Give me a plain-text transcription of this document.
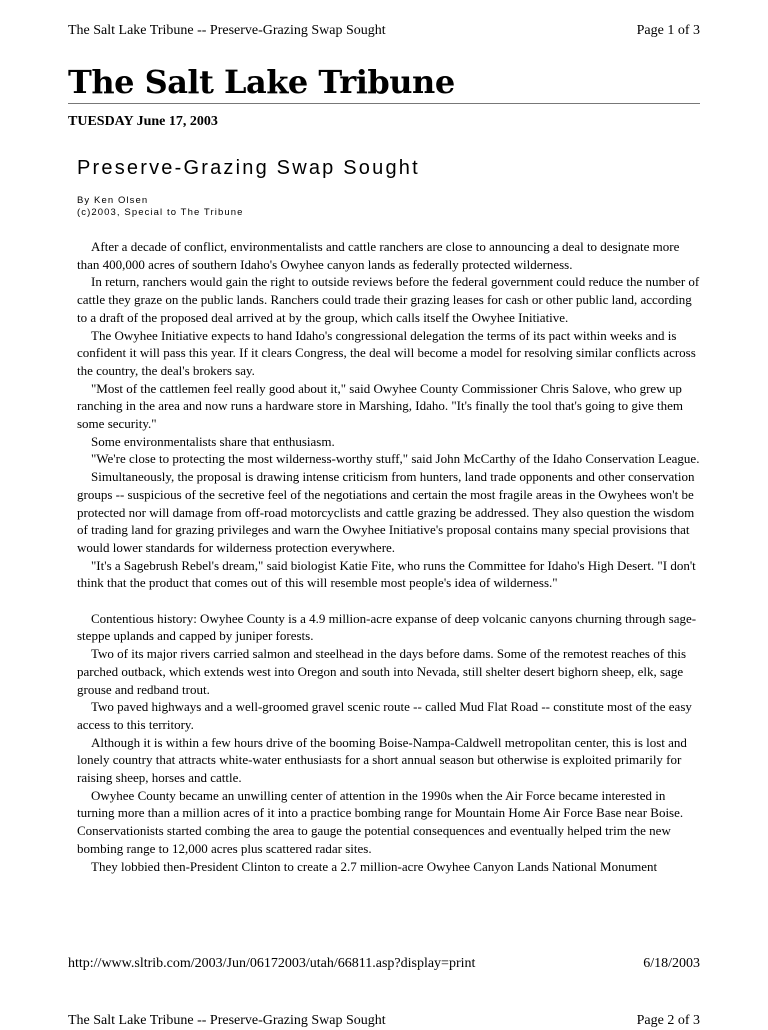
The Salt Lake Tribune -- Preserve-Grazing Swap Sought	Page 1 of 3
The Salt Lake Tribune
TUESDAY June 17, 2003
Preserve-Grazing Swap Sought
By Ken Olsen
(c)2003, Special to The Tribune

After a decade of conflict, environmentalists and cattle ranchers are close to announcing a deal to designate more than 400,000 acres of southern Idaho's Owyhee canyon lands as federally protected wilderness.

In return, ranchers would gain the right to outside reviews before the federal government could reduce the number of cattle they graze on the public lands. Ranchers could trade their grazing leases for cash or other public land, according to a draft of the proposed deal arrived at by the group, which calls itself the Owyhee Initiative.

The Owyhee Initiative expects to hand Idaho's congressional delegation the terms of its pact within weeks and is confident it will pass this year. If it clears Congress, the deal will become a model for resolving similar conflicts across the country, the deal's brokers say.

"Most of the cattlemen feel really good about it," said Owyhee County Commissioner Chris Salove, who grew up ranching in the area and now runs a hardware store in Marshing, Idaho. "It's finally the tool that's going to give them some security."

Some environmentalists share that enthusiasm.

"We're close to protecting the most wilderness-worthy stuff," said John McCarthy of the Idaho Conservation League.

Simultaneously, the proposal is drawing intense criticism from hunters, land trade opponents and other conservation groups -- suspicious of the secretive feel of the negotiations and certain the most fragile areas in the Owyhees won't be protected nor will damage from off-road motorcyclists and cattle grazing be addressed. They also question the wisdom of trading land for grazing privileges and warn the Owyhee Initiative's proposal contains many special provisions that would lower standards for wilderness protection everywhere.

"It's a Sagebrush Rebel's dream," said biologist Katie Fite, who runs the Committee for Idaho's High Desert. "I don't think that the product that comes out of this will resemble most people's idea of wilderness."

Contentious history: Owyhee County is a 4.9 million-acre expanse of deep volcanic canyons churning through sage-steppe uplands and capped by juniper forests.

Two of its major rivers carried salmon and steelhead in the days before dams. Some of the remotest reaches of this parched outback, which extends west into Oregon and south into Nevada, still shelter desert bighorn sheep, elk, sage grouse and redband trout.

Two paved highways and a well-groomed gravel scenic route -- called Mud Flat Road -- constitute most of the easy access to this territory.

Although it is within a few hours drive of the booming Boise-Nampa-Caldwell metropolitan center, this is lost and lonely country that attracts white-water enthusiasts for a short annual season but otherwise is exploited primarily for raising sheep, horses and cattle.

Owyhee County became an unwilling center of attention in the 1990s when the Air Force became interested in turning more than a million acres of it into a practice bombing range for Mountain Home Air Force Base near Boise. Conservationists started combing the area to gauge the potential consequences and eventually helped trim the new bombing range to 12,000 acres plus scattered radar sites.

They lobbied then-President Clinton to create a 2.7 million-acre Owyhee Canyon Lands National Monument

http://www.sltrib.com/2003/Jun/06172003/utah/66811.asp?display=print	6/18/2003
The Salt Lake Tribune -- Preserve-Grazing Swap Sought	Page 2 of 3
